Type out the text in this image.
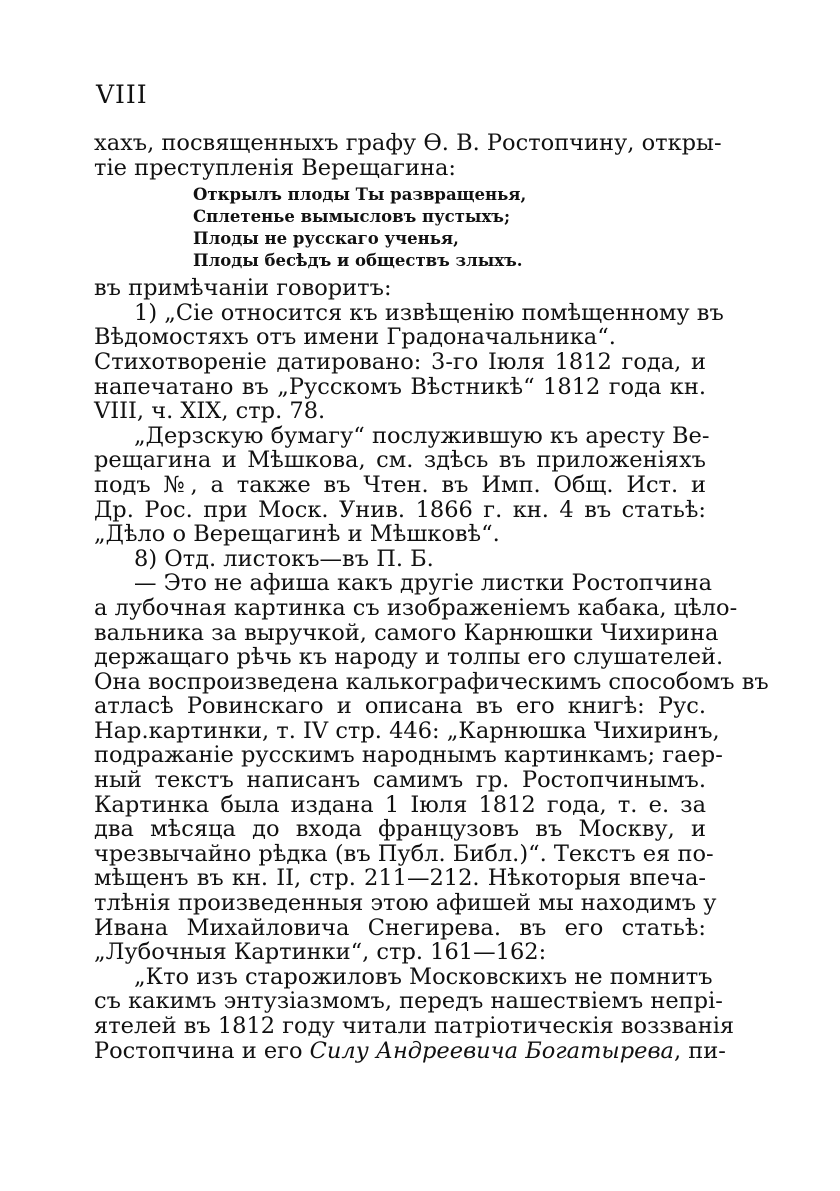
VIII
хахъ, посвященныхъ графу Ѳ. В. Ростопчину, откры-
тіе преступленія Верещагина:
Открылъ плоды Ты развращенья,
Сплетенье вымысловъ пустыхъ;
Плоды не русскаго ученья,
Плоды бесѣдъ и обществъ злыхъ.
въ примѣчаніи говоритъ:
1) „Сіе относится къ извѣщенію помѣщенному въ
Вѣдомостяхъ отъ имени Градоначальника“.
Стихотвореніе датировано: 3-го Іюля 1812 года, и
напечатано въ „Русскомъ Вѣстникѣ“ 1812 года кн.
VIII, ч. XIX, стр. 78.
„Дерзскую бумагу“ послужившую къ аресту Ве-
рещагина и Мѣшкова, см. здѣсь въ приложеніяхъ
подъ №, а также въ Чтен. въ Имп. Общ. Ист. и
Др. Рос. при Моск. Унив. 1866 г. кн. 4 въ статьѣ:
„Дѣло о Верещагинѣ и Мѣшковѣ“.
8) Отд. листокъ—въ П. Б.
— Это не афиша какъ другіе листки Ростопчина
а лубочная картинка съ изображеніемъ кабака, цѣло-
вальника за выручкой, самого Карнюшки Чихирина
держащаго рѣчь къ народу и толпы его слушателей.
Она воспроизведена калькографическимъ способомъ въ
атласѣ Ровинскаго и описана въ его книгѣ: Рус.
Нар.картинки, т. IV стр. 446: „Карнюшка Чихиринъ,
подражаніе русскимъ народнымъ картинкамъ; гаер-
ный текстъ написанъ самимъ гр. Ростопчинымъ.
Картинка была издана 1 Іюля 1812 года, т. е. за
два мѣсяца до входа французовъ въ Москву, и
чрезвычайно рѣдка (въ Публ. Библ.)“. Текстъ ея по-
мѣщенъ въ кн. II, стр. 211—212. Нѣкоторыя впеча-
тлѣнія произведенныя этою афишей мы находимъ у
Ивана Михайловича Снегирева. въ его статьѣ:
„Лубочныя Картинки“, стр. 161—162:
„Кто изъ старожиловъ Московскихъ не помнитъ
съ какимъ энтузіазмомъ, передъ нашествіемъ непрі-
ятелей въ 1812 году читали патріотическія воззванія
Ростопчина и его Силу Андреевича Богатырева, пи-
